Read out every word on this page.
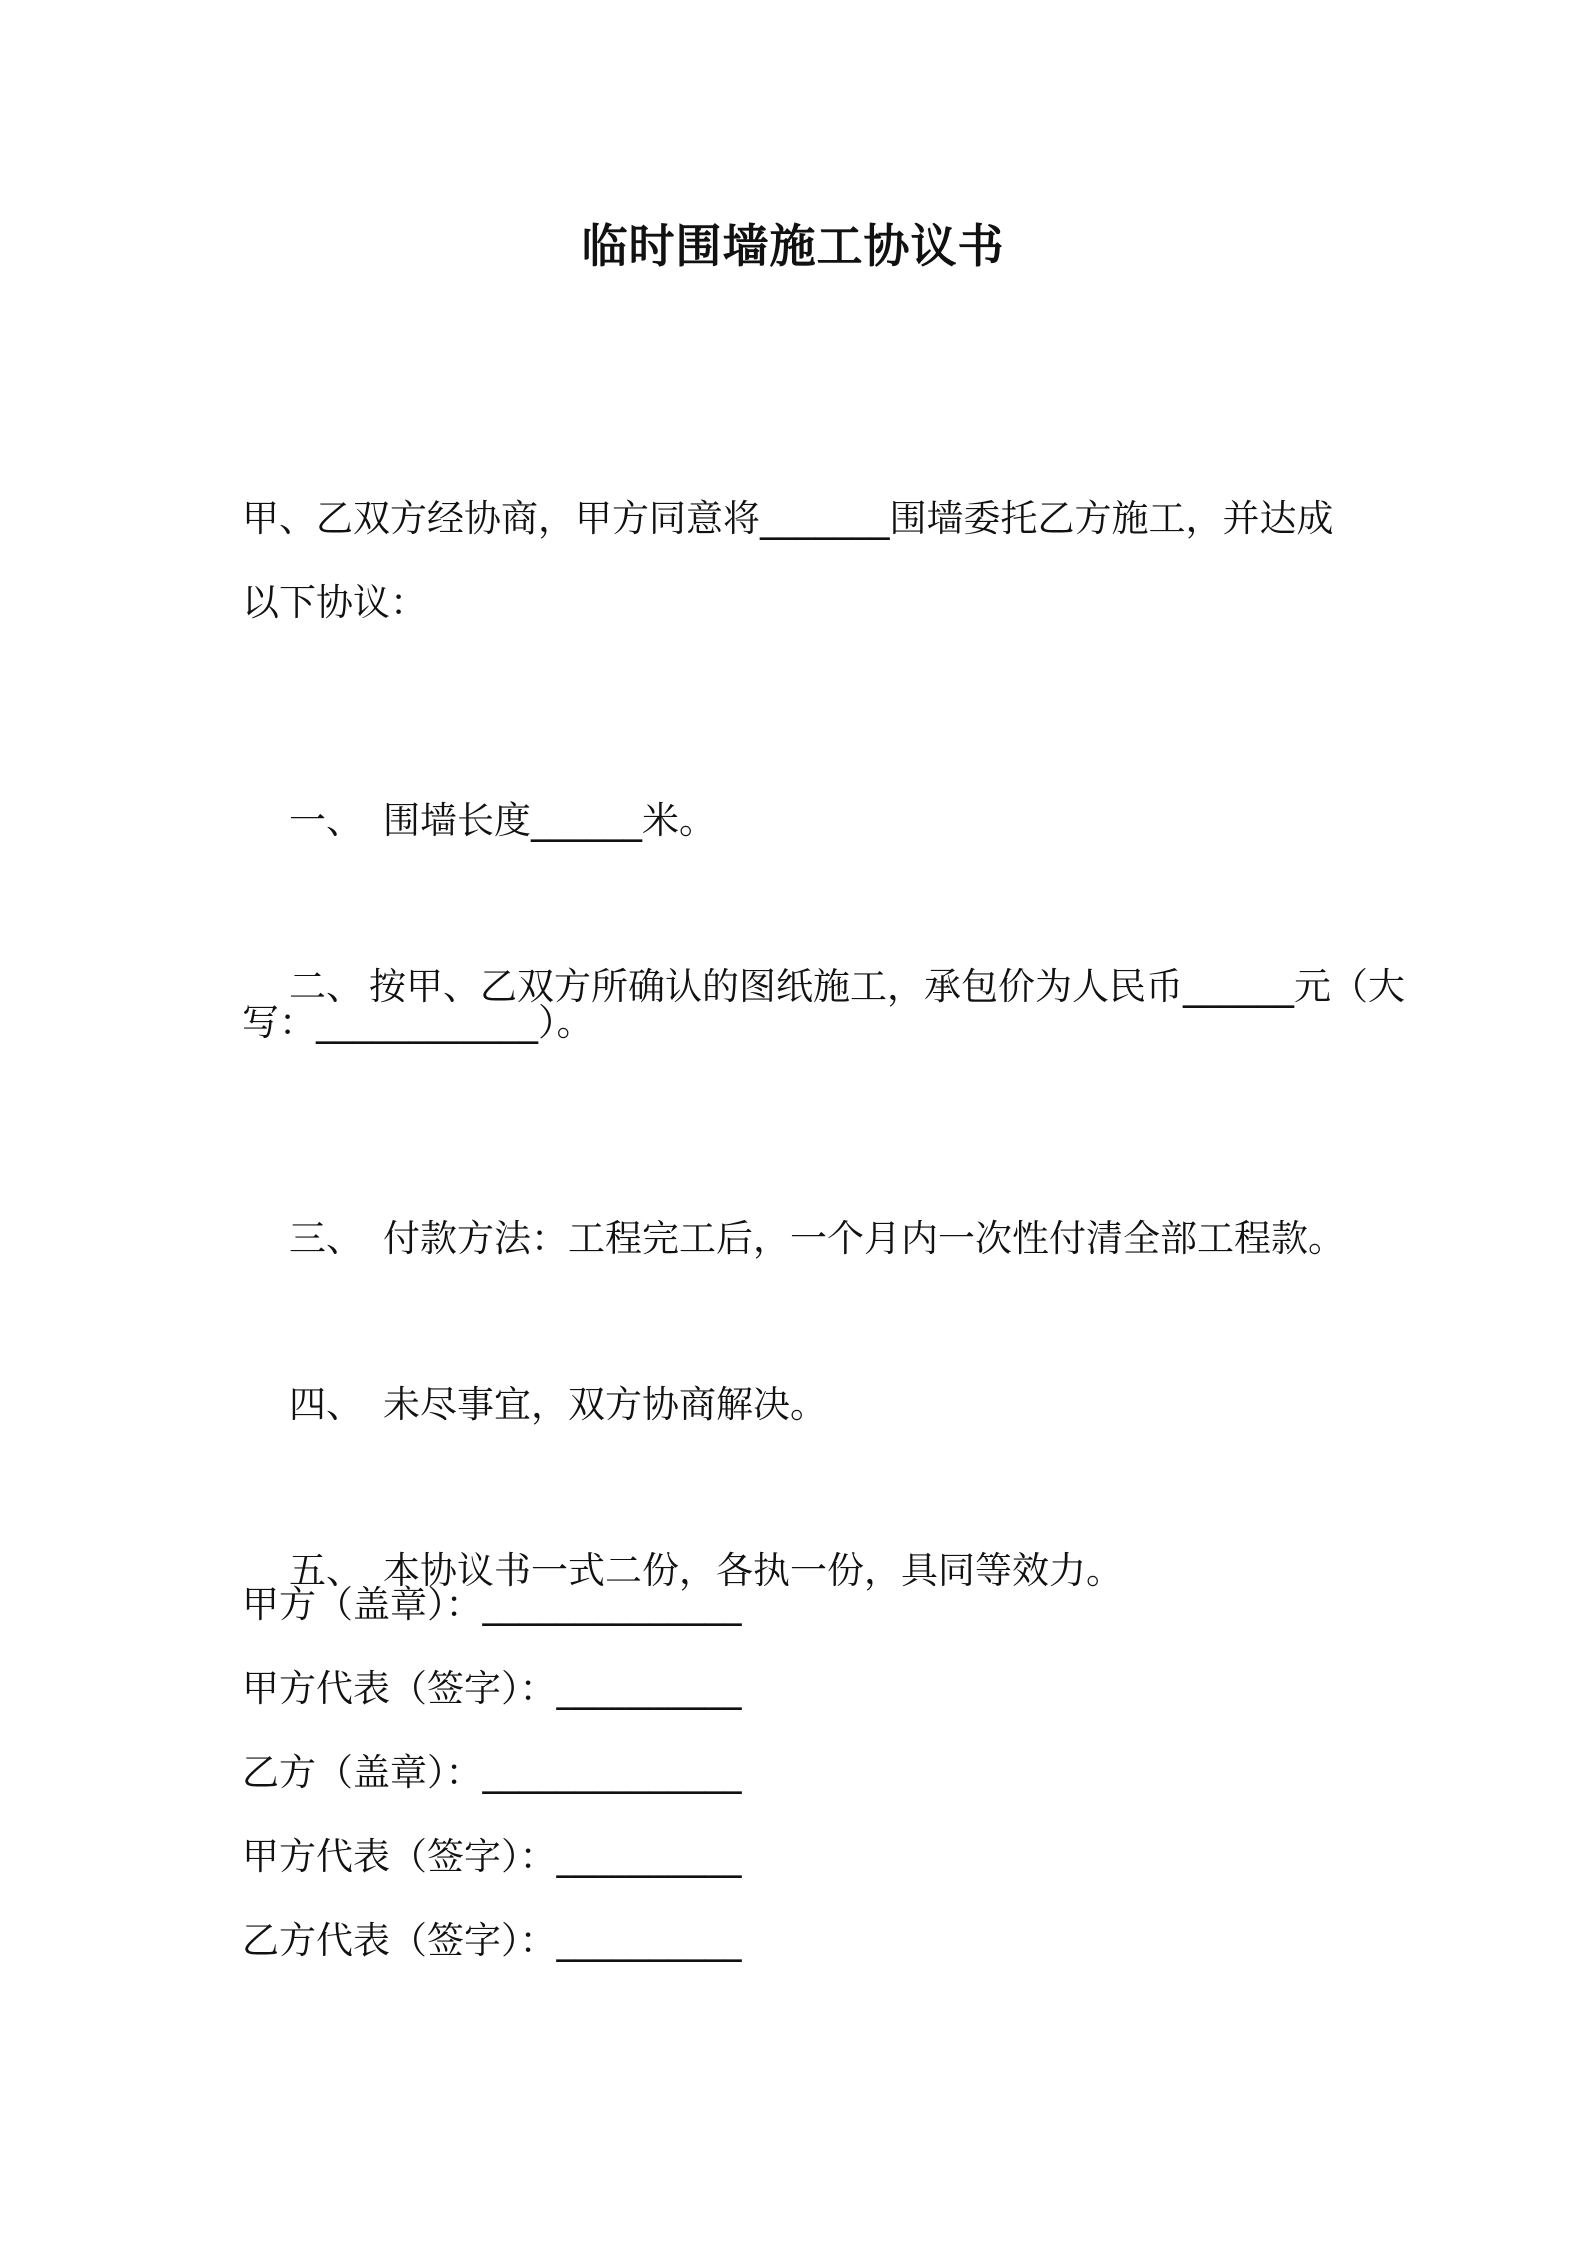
临时围墙施工协议书
甲、乙双方经协商，甲方同意将_______围墙委托乙方施工，并达成
以下协议：

一、 围墙长度______米。

二、 按甲、乙双方所确认的图纸施工，承包价为人民币______元（大

写：____________）。

三、 付款方法：工程完工后，一个月内一次性付清全部工程款。

四、 未尽事宜，双方协商解决。

五、 本协议书一式二份，各执一份，具同等效力。

甲方（盖章）：______________
甲方代表（签字）：__________
乙方（盖章）：______________
甲方代表（签字）：__________
乙方代表（签字）：__________
